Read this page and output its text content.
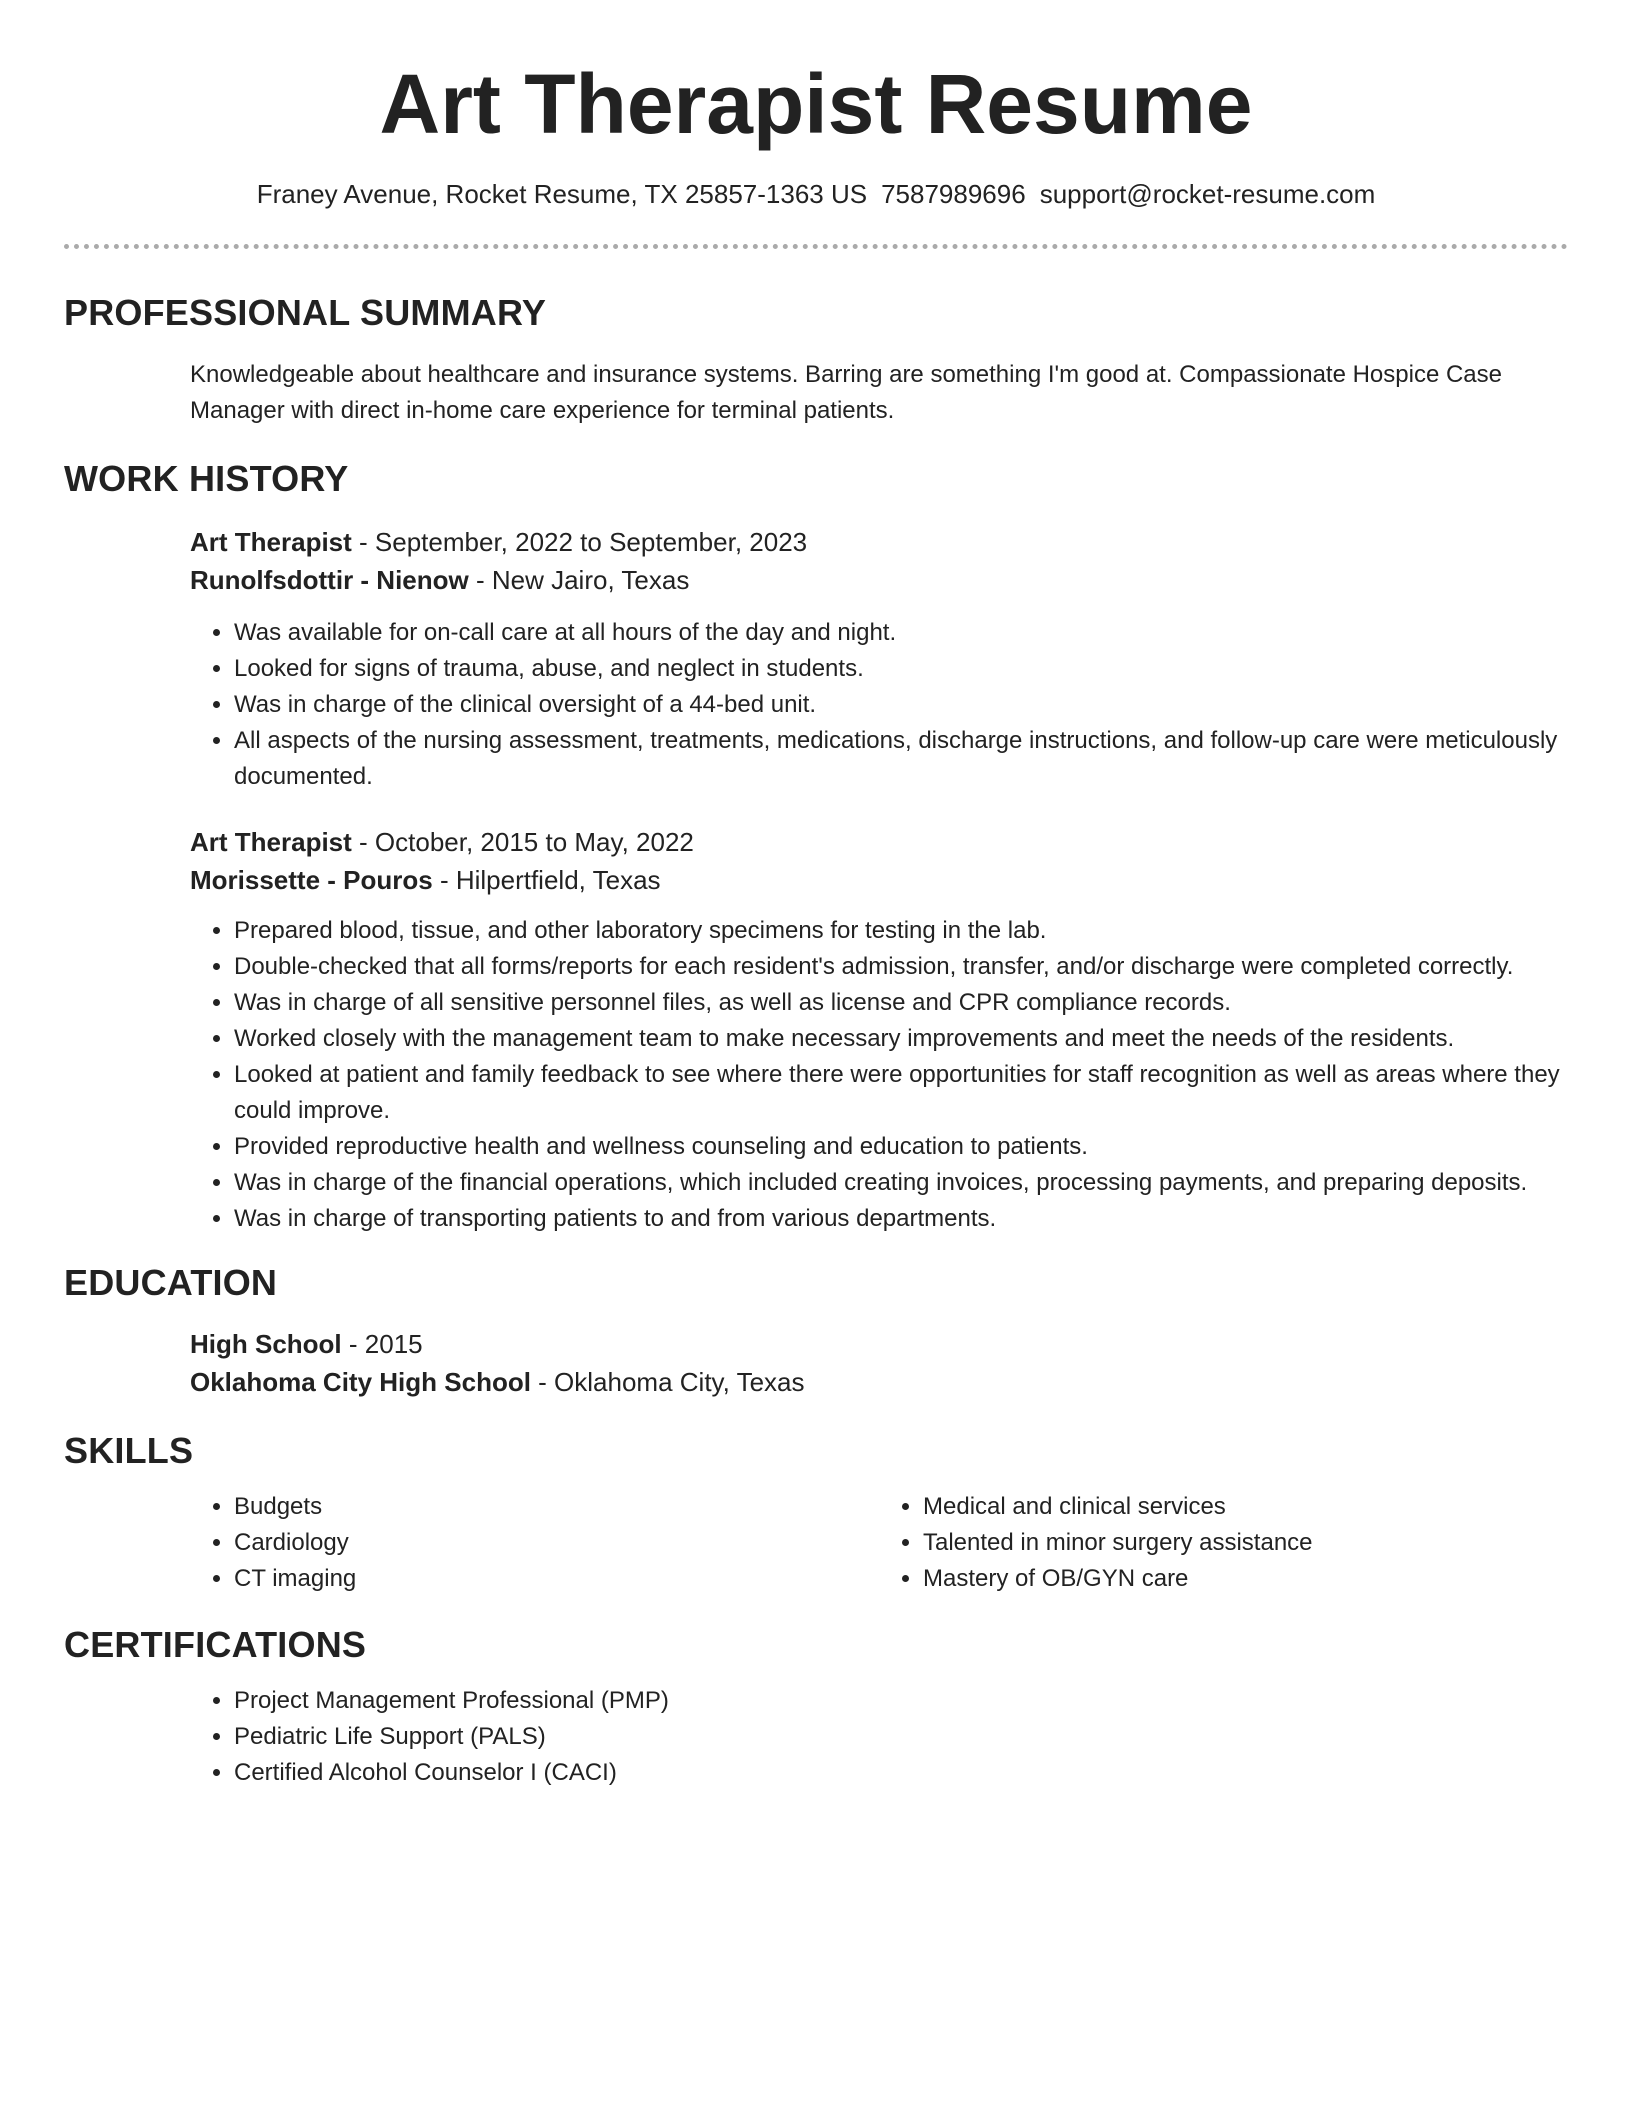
Art Therapist Resume
Franey Avenue, Rocket Resume, TX 25857-1363 US 7587989696 support@rocket-resume.com
PROFESSIONAL SUMMARY

Knowledgeable about healthcare and insurance systems. Barring are something I'm good at. Compassionate Hospice Case Manager with direct in-home care experience for terminal patients.

WORK HISTORY

Art Therapist - September, 2022 to September, 2023

Runolfsdottir - Nienow - New Jairo, Texas

• Was available for on-call care at all hours of the day and night.
• Looked for signs of trauma, abuse, and neglect in students.
• Was in charge of the clinical oversight of a 44-bed unit.
• All aspects of the nursing assessment, treatments, medications, discharge instructions, and follow-up care were meticulously documented.

Art Therapist - October, 2015 to May, 2022

Morissette - Pouros - Hilpertfield, Texas

• Prepared blood, tissue, and other laboratory specimens for testing in the lab.
• Double-checked that all forms/reports for each resident's admission, transfer, and/or discharge were completed correctly.
• Was in charge of all sensitive personnel files, as well as license and CPR compliance records.
• Worked closely with the management team to make necessary improvements and meet the needs of the residents.
• Looked at patient and family feedback to see where there were opportunities for staff recognition as well as areas where they could improve.
• Provided reproductive health and wellness counseling and education to patients.
• Was in charge of the financial operations, which included creating invoices, processing payments, and preparing deposits.
• Was in charge of transporting patients to and from various departments.
EDUCATION

High School - 2015

Oklahoma City High School - Oklahoma City, Texas

SKILLS
• Budgets
• Cardiology
• CT imaging
• Medical and clinical services
• Talented in minor surgery assistance
• Mastery of OB/GYN care
CERTIFICATIONS
• Project Management Professional (PMP)
• Pediatric Life Support (PALS)
• Certified Alcohol Counselor I (CACI)
